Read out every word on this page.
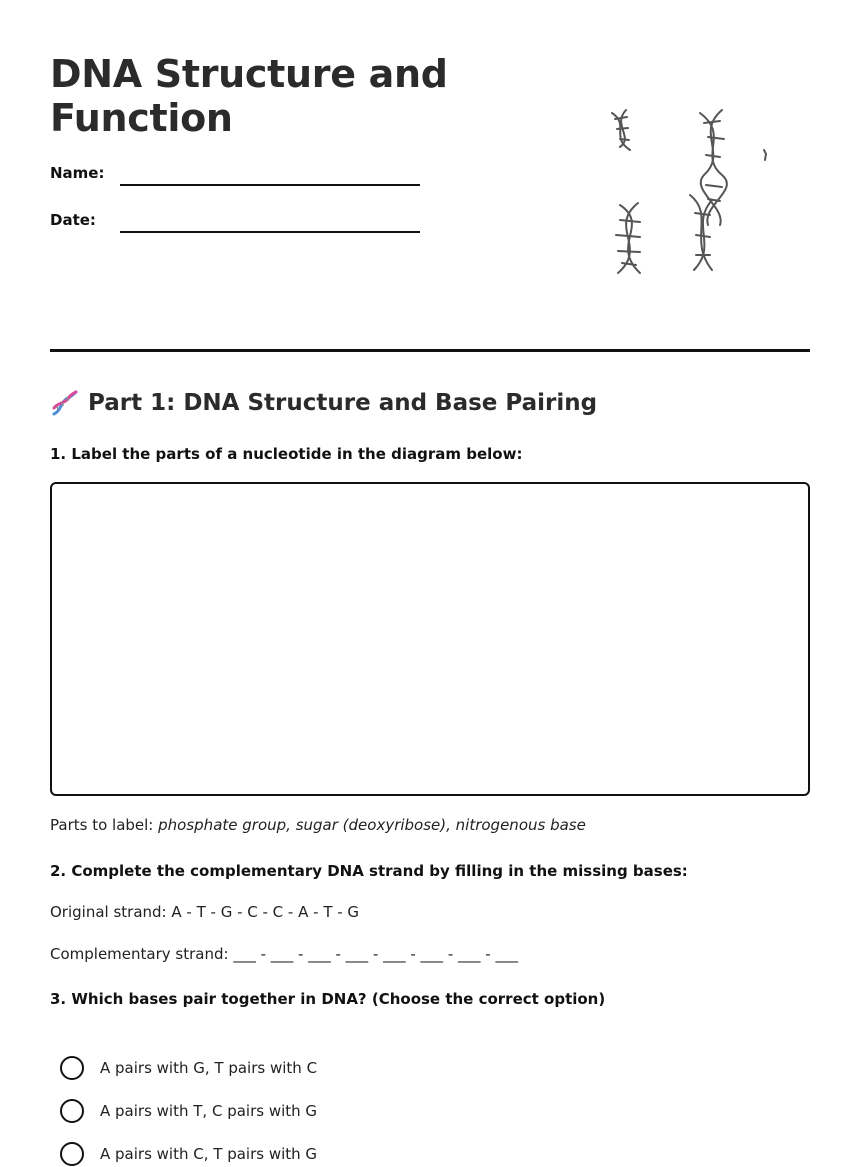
DNA Structure and Function
Name:
Date:
Part 1: DNA Structure and Base Pairing

1. Label the parts of a nucleotide in the diagram below:

Parts to label: phosphate group, sugar (deoxyribose), nitrogenous base

2. Complete the complementary DNA strand by filling in the missing bases:

Original strand: A - T - G - C - C - A - T - G

Complementary strand: ___ - ___ - ___ - ___ - ___ - ___ - ___ - ___

3. Which bases pair together in DNA? (Choose the correct option)

A pairs with G, T pairs with C
A pairs with T, C pairs with G
A pairs with C, T pairs with G
